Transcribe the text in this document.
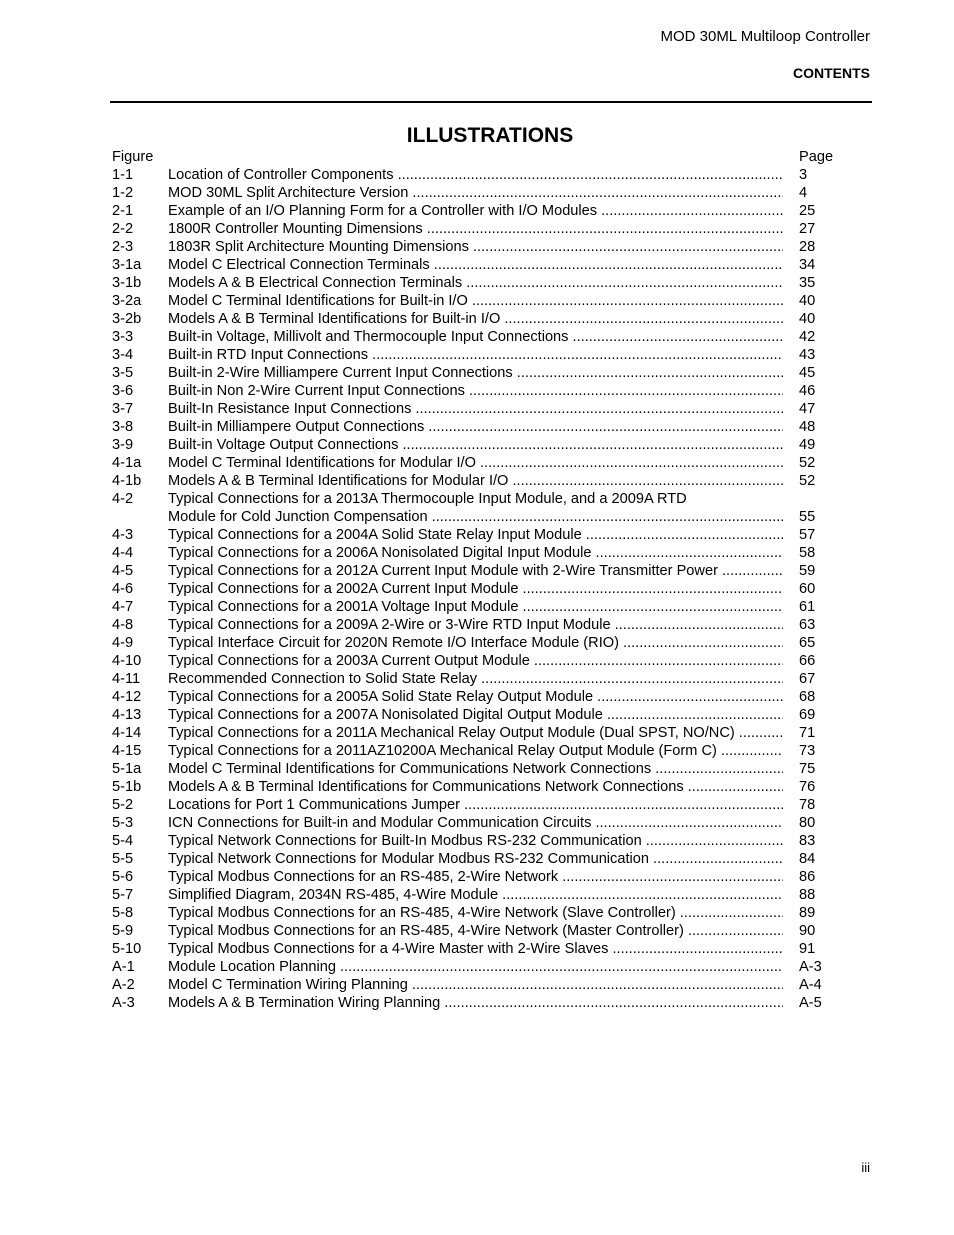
MOD 30ML Multiloop Controller
CONTENTS
ILLUSTRATIONS
Figure	Page
1-1 Location of Controller Components .....	3
1-2 MOD 30ML Split Architecture Version .....	4
2-1 Example of an I/O Planning Form for a Controller with I/O Modules .....	25
2-2 1800R Controller Mounting Dimensions .....	27
2-3 1803R Split Architecture Mounting Dimensions .....	28
3-1a Model C Electrical Connection Terminals .....	34
3-1b Models A & B Electrical Connection Terminals .....	35
3-2a Model C Terminal Identifications for Built-in I/O .....	40
3-2b Models A & B Terminal Identifications for Built-in I/O .....	40
3-3 Built-in Voltage, Millivolt and Thermocouple Input Connections .....	42
3-4 Built-in RTD Input Connections .....	43
3-5 Built-in 2-Wire Milliampere Current Input Connections .....	45
3-6 Built-in Non 2-Wire Current Input Connections .....	46
3-7 Built-In Resistance Input Connections .....	47
3-8 Built-in Milliampere Output Connections .....	48
3-9 Built-in Voltage Output Connections .....	49
4-1a Model C Terminal Identifications for Modular I/O .....	52
4-1b Models A & B Terminal Identifications for Modular I/O .....	52
4-2 Typical Connections for a 2013A Thermocouple Input Module, and a 2009A RTD
Module for Cold Junction Compensation .....	55
4-3 Typical Connections for a 2004A Solid State Relay Input Module .....	57
4-4 Typical Connections for a 2006A Nonisolated Digital Input Module .....	58
4-5 Typical Connections for a 2012A Current Input Module with 2-Wire Transmitter Power .....	59
4-6 Typical Connections for a 2002A Current Input Module .....	60
4-7 Typical Connections for a 2001A Voltage Input Module .....	61
4-8 Typical Connections for a 2009A 2-Wire or 3-Wire RTD Input Module .....	63
4-9 Typical Interface Circuit for 2020N Remote I/O Interface Module (RIO) .....	65
4-10 Typical Connections for a 2003A Current Output Module .....	66
4-11 Recommended Connection to Solid State Relay .....	67
4-12 Typical Connections for a 2005A Solid State Relay Output Module .....	68
4-13 Typical Connections for a 2007A Nonisolated Digital Output Module .....	69
4-14 Typical Connections for a 2011A Mechanical Relay Output Module (Dual SPST, NO/NC) .....	71
4-15 Typical Connections for a 2011AZ10200A Mechanical Relay Output Module (Form C) .....	73
5-1a Model C Terminal Identifications for Communications Network Connections .....	75
5-1b Models A & B Terminal Identifications for Communications Network Connections .....	76
5-2 Locations for Port 1 Communications Jumper .....	78
5-3 ICN Connections for Built-in and Modular Communication Circuits .....	80
5-4 Typical Network Connections for Built-In Modbus RS-232 Communication .....	83
5-5 Typical Network Connections for Modular Modbus RS-232 Communication .....	84
5-6 Typical Modbus Connections for an RS-485, 2-Wire Network .....	86
5-7 Simplified Diagram, 2034N RS-485, 4-Wire Module .....	88
5-8 Typical Modbus Connections for an RS-485, 4-Wire Network (Slave Controller) .....	89
5-9 Typical Modbus Connections for an RS-485, 4-Wire Network (Master Controller) .....	90
5-10 Typical Modbus Connections for a 4-Wire Master with 2-Wire Slaves .....	91
A-1 Module Location Planning .....	A-3
A-2 Model C Termination Wiring Planning .....	A-4
A-3 Models A & B Termination Wiring Planning .....	A-5
iii
